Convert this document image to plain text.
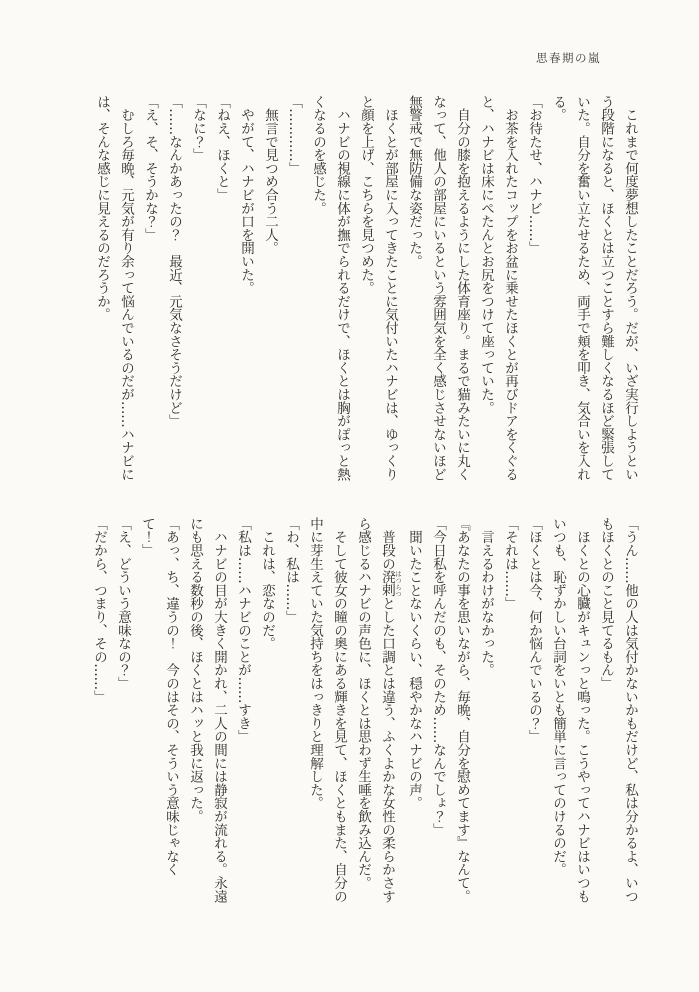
思春期の嵐
　これまで何度夢想したことだろう。だが、いざ実行しようとい
う段階になると、ほくとは立つことすら難しくなるほど緊張して
いた。自分を奮い立たせるため、両手で頬を叩き、気合いを入れ
る。
「お待たせ、ハナビ……」
　お茶を入れたコップをお盆に乗せたほくとが再びドアをくぐる
と、ハナビは床にぺたんとお尻をつけて座っていた。
　自分の膝を抱えるようにした体育座り。まるで猫みたいに丸く
なって、他人の部屋にいるという雰囲気を全く感じさせないほど
無警戒で無防備な姿だった。
　ほくとが部屋に入ってきたことに気付いたハナビは、ゆっくり
と顔を上げ、こちらを見つめた。
　ハナビの視線に体が撫でられるだけで、ほくとは胸がぽっと熱
くなるのを感じた。
「…………」
　無言で見つめ合う二人。
　やがて、ハナビが口を開いた。
「ねえ、ほくと」
「なに？」
「……なんかあったの？　最近、元気なさそうだけど」
「え、そ、そうかな？」
　むしろ毎晩、元気が有り余って悩んでいるのだが……ハナビに
は、そんな感じに見えるのだろうか。
「うん……他の人は気付かないかもだけど、私は分かるよ、いつ
もほくとのこと見てるもん」
　ほくとの心臓がキュンっと鳴った。こうやってハナビはいつも
いつも、恥ずかしい台詞をいとも簡単に言ってのけるのだ。
「ほくとは今、何か悩んでいるの？」
「それは……」
　言えるわけがなかった。
『あなたの事を思いながら、毎晩、自分を慰めてます』なんて。
「今日私を呼んだのも、そのため……なんでしょ？」
　聞いたことないくらい、穏やかなハナビの声。
　普段の溌剌 はつらつとした口調とは違う、ふくよかな女性の柔らかさす
ら感じるハナビの声色に、ほくとは思わず生唾を飲み込んだ。
　そして彼女の瞳の奥にある輝きを見て、ほくともまた、自分の
中に芽生えていた気持ちをはっきりと理解した。
「わ、私は……」
　これは、恋なのだ。
「私は……ハナビのことが……すき」
　ハナビの目が大きく開かれ、二人の間には静寂が流れる。永遠
にも思える数秒の後、ほくとはハッと我に返った。
「あっ、ち、違うの！　今のはその、そういう意味じゃなく
て！」
「え、どういう意味なの？」
「だから、つまり、その……」
